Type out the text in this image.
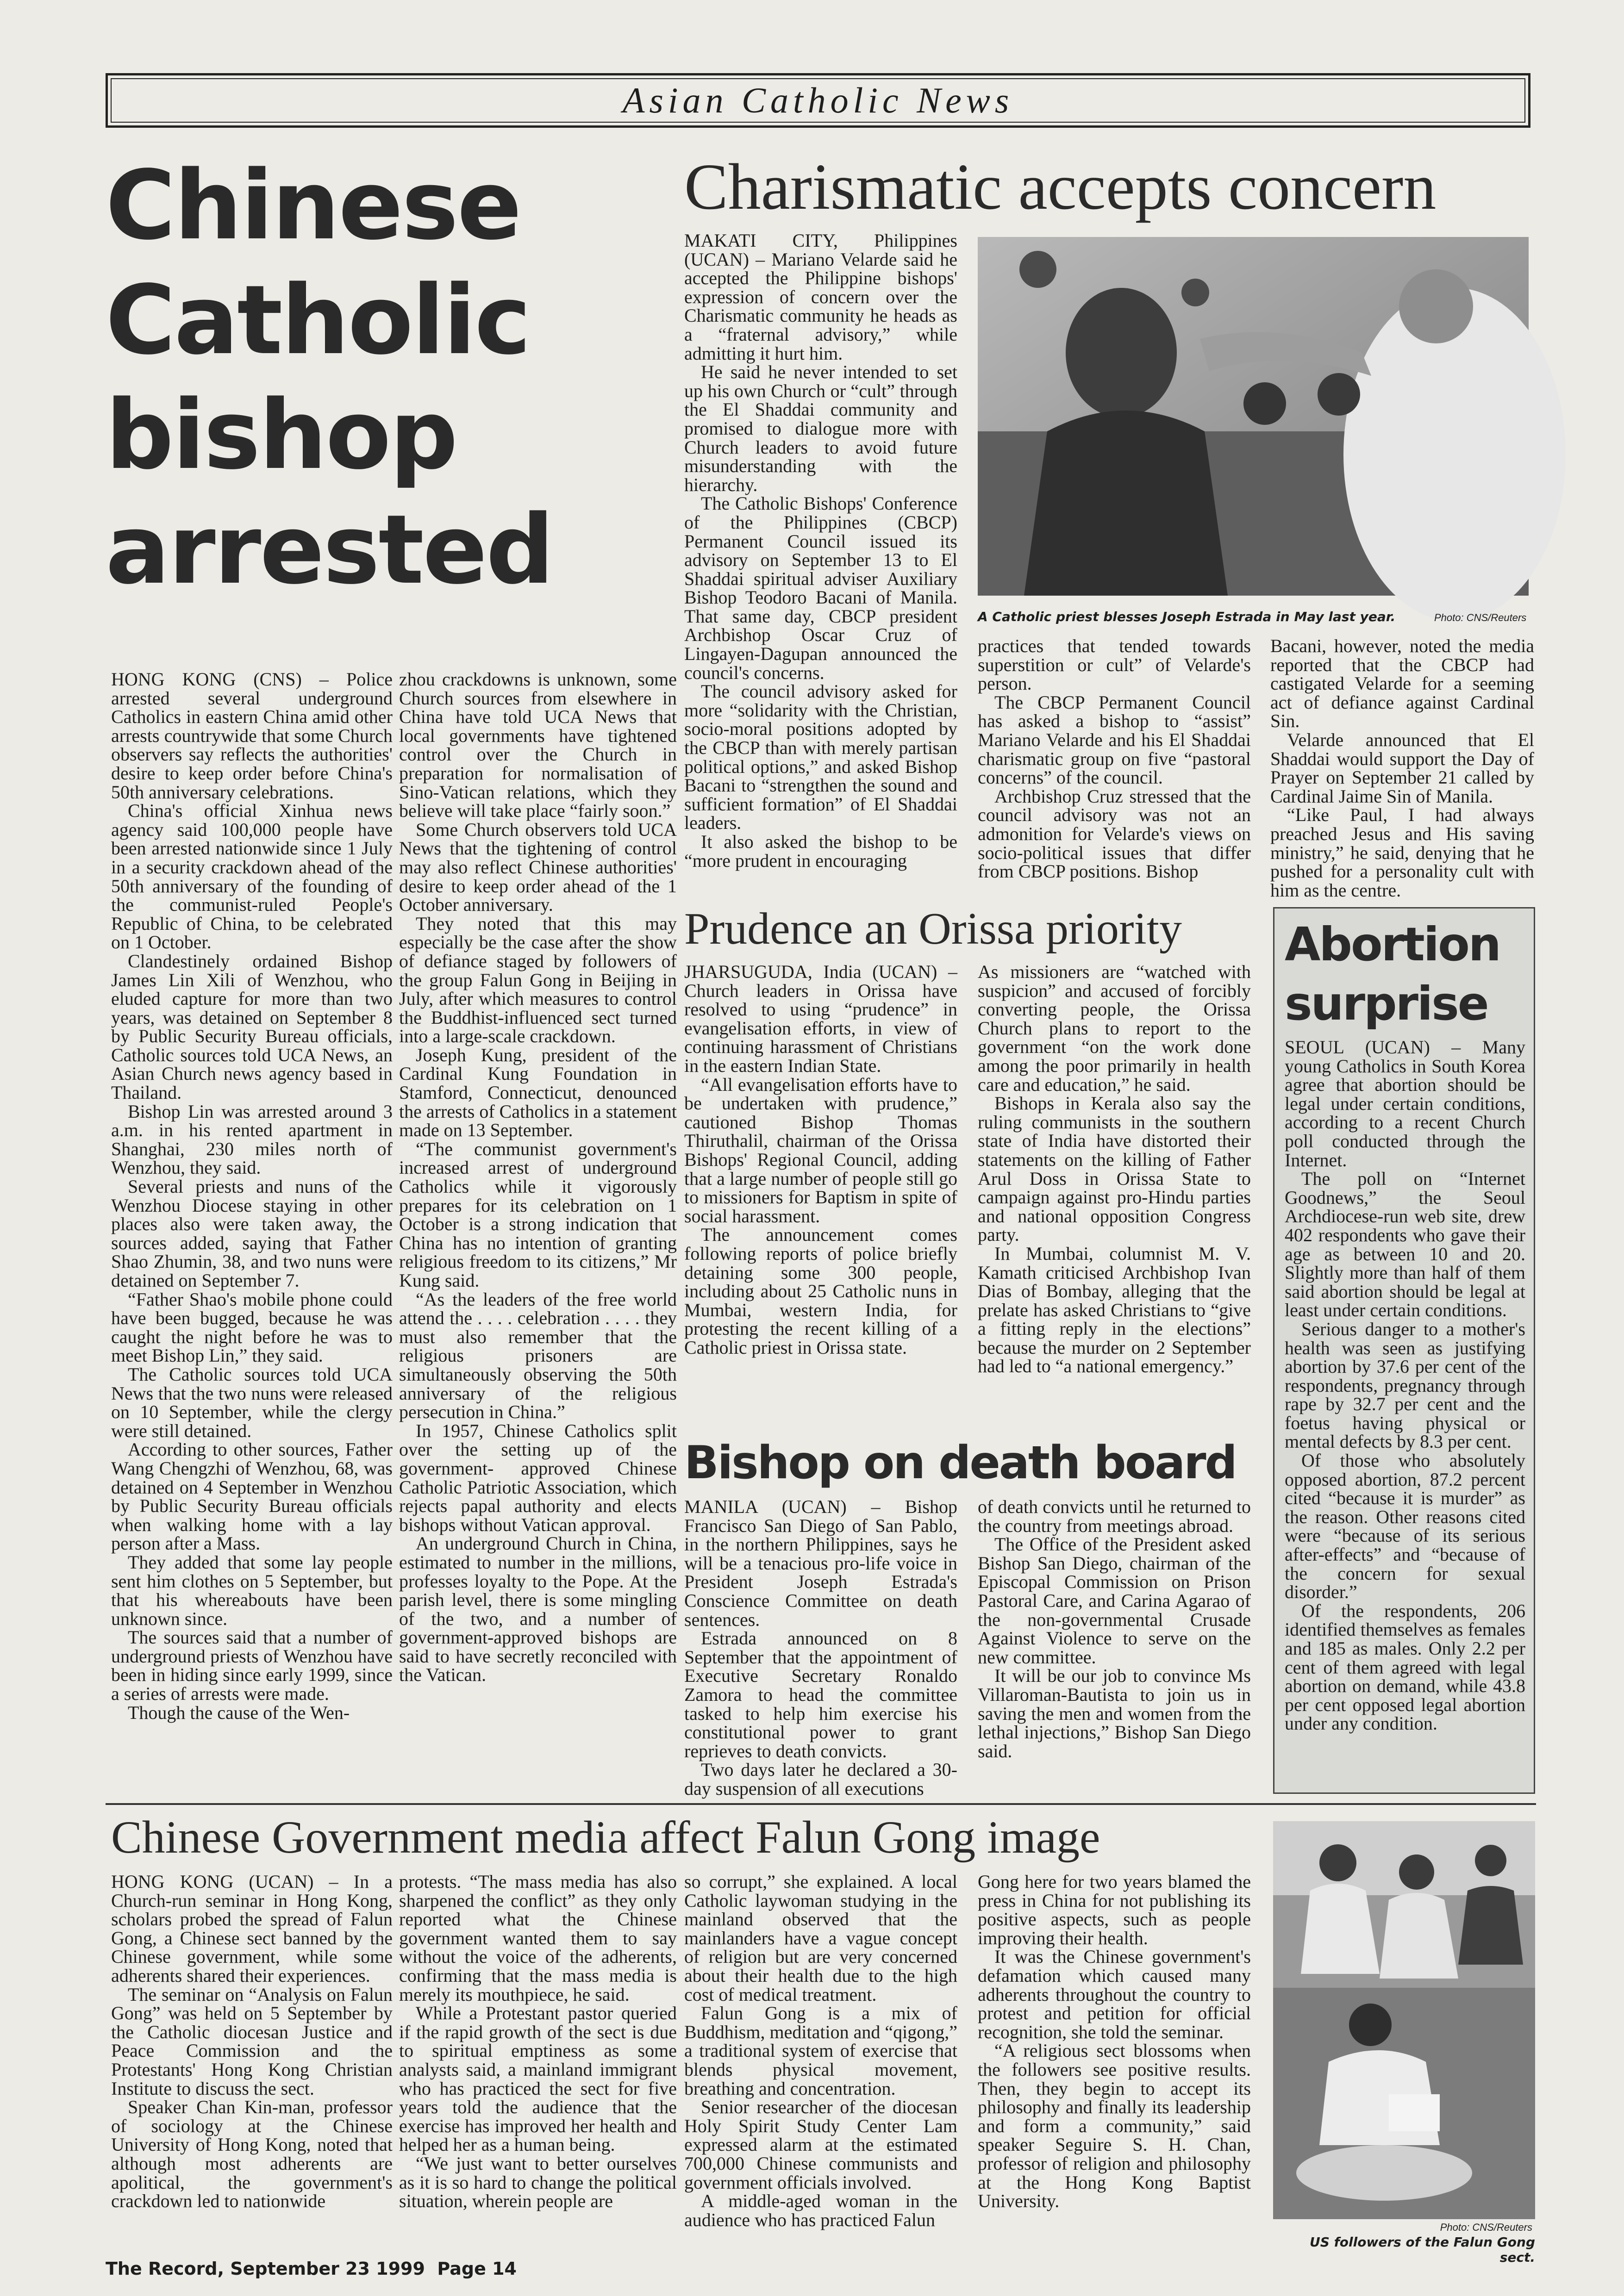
Asian Catholic News
Chinese
Catholic
bishop
arrested

HONG KONG (CNS) – Police arrested several underground Catholics in eastern China amid other arrests countrywide that some Church observers say reflects the authorities' desire to keep order before China's 50th anniversary celebrations.

China's official Xinhua news agency said 100,000 people have been arrested nationwide since 1 July in a security crackdown ahead of the 50th anniversary of the founding of the communist-ruled People's Republic of China, to be celebrated on 1 October.

Clandestinely ordained Bishop James Lin Xili of Wenzhou, who eluded capture for more than two years, was detained on September 8 by Public Security Bureau officials, Catholic sources told UCA News, an Asian Church news agency based in Thailand.

Bishop Lin was arrested around 3 a.m. in his rented apartment in Shanghai, 230 miles north of Wenzhou, they said.

Several priests and nuns of the Wenzhou Diocese staying in other places also were taken away, the sources added, saying that Father Shao Zhumin, 38, and two nuns were detained on September 7.

“Father Shao's mobile phone could have been bugged, because he was caught the night before he was to meet Bishop Lin,” they said.

The Catholic sources told UCA News that the two nuns were released on 10 September, while the clergy were still detained.

According to other sources, Father Wang Chengzhi of Wenzhou, 68, was detained on 4 September in Wenzhou by Public Security Bureau officials when walking home with a lay person after a Mass.

They added that some lay people sent him clothes on 5 September, but that his whereabouts have been unknown since.

The sources said that a number of underground priests of Wenzhou have been in hiding since early 1999, since a series of arrests were made.

Though the cause of the Wen-

zhou crackdowns is unknown, some Church sources from elsewhere in China have told UCA News that local governments have tightened control over the Church in preparation for normalisation of Sino-Vatican relations, which they believe will take place “fairly soon.”

Some Church observers told UCA News that the tightening of control may also reflect Chinese authorities' desire to keep order ahead of the 1 October anniversary.

They noted that this may especially be the case after the show of defiance staged by followers of the group Falun Gong in Beijing in July, after which measures to control the Buddhist-influenced sect turned into a large-scale crackdown.

Joseph Kung, president of the Cardinal Kung Foundation in Stamford, Connecticut, denounced the arrests of Catholics in a statement made on 13 September.

“The communist government's increased arrest of underground Catholics while it vigorously prepares for its celebration on 1 October is a strong indication that China has no intention of granting religious freedom to its citizens,” Mr Kung said.

“As the leaders of the free world attend the . . . . celebration . . . . they must also remember that the religious prisoners are simultaneously observing the 50th anniversary of the religious persecution in China.”

In 1957, Chinese Catholics split over the setting up of the government- approved Chinese Catholic Patriotic Association, which rejects papal authority and elects bishops without Vatican approval.

An underground Church in China, estimated to number in the millions, professes loyalty to the Pope. At the parish level, there is some mingling of the two, and a number of government-approved bishops are said to have secretly reconciled with the Vatican.

Charismatic accepts concern

MAKATI CITY, Philippines (UCAN) – Mariano Velarde said he accepted the Philippine bishops' expression of concern over the Charismatic community he heads as a “fraternal advisory,” while admitting it hurt him.

He said he never intended to set up his own Church or “cult” through the El Shaddai community and promised to dialogue more with Church leaders to avoid future misunderstanding with the hierarchy.

The Catholic Bishops' Conference of the Philippines (CBCP) Permanent Council issued its advisory on September 13 to El Shaddai spiritual adviser Auxiliary Bishop Teodoro Bacani of Manila. That same day, CBCP president Archbishop Oscar Cruz of Lingayen-Dagupan announced the council's concerns.

The council advisory asked for more “solidarity with the Christian, socio-moral positions adopted by the CBCP than with merely partisan political options,” and asked Bishop Bacani to “strengthen the sound and sufficient formation” of El Shaddai leaders.

It also asked the bishop to be “more prudent in encouraging

A Catholic priest blesses Joseph Estrada in May last year.	Photo: CNS/Reuters

practices that tended towards superstition or cult” of Velarde's person.

The CBCP Permanent Council has asked a bishop to “assist” Mariano Velarde and his El Shaddai charismatic group on five “pastoral concerns” of the council.

Archbishop Cruz stressed that the council advisory was not an admonition for Velarde's views on socio-political issues that differ from CBCP positions. Bishop

Bacani, however, noted the media reported that the CBCP had castigated Velarde for a seeming act of defiance against Cardinal Sin.

Velarde announced that El Shaddai would support the Day of Prayer on September 21 called by Cardinal Jaime Sin of Manila.

“Like Paul, I had always preached Jesus and His saving ministry,” he said, denying that he pushed for a personality cult with him as the centre.

Prudence an Orissa priority

JHARSUGUDA, India (UCAN) – Church leaders in Orissa have resolved to using “prudence” in evangelisation efforts, in view of continuing harassment of Christians in the eastern Indian State.

“All evangelisation efforts have to be undertaken with prudence,” cautioned Bishop Thomas Thiruthalil, chairman of the Orissa Bishops' Regional Council, adding that a large number of people still go to missioners for Baptism in spite of social harassment.

The announcement comes following reports of police briefly detaining some 300 people, including about 25 Catholic nuns in Mumbai, western India, for protesting the recent killing of a Catholic priest in Orissa state.

As missioners are “watched with suspicion” and accused of forcibly converting people, the Orissa Church plans to report to the government “on the work done among the poor primarily in health care and education,” he said.

Bishops in Kerala also say the ruling communists in the southern state of India have distorted their statements on the killing of Father Arul Doss in Orissa State to campaign against pro-Hindu parties and national opposition Congress party.

In Mumbai, columnist M. V. Kamath criticised Archbishop Ivan Dias of Bombay, alleging that the prelate has asked Christians to “give a fitting reply in the elections” because the murder on 2 September had led to “a national emergency.”

Bishop on death board

MANILA (UCAN) – Bishop Francisco San Diego of San Pablo, in the northern Philippines, says he will be a tenacious pro-life voice in President Joseph Estrada's Conscience Committee on death sentences.

Estrada announced on 8 September that the appointment of Executive Secretary Ronaldo Zamora to head the committee tasked to help him exercise his constitutional power to grant reprieves to death convicts.

Two days later he declared a 30-day suspension of all executions

of death convicts until he returned to the country from meetings abroad.

The Office of the President asked Bishop San Diego, chairman of the Episcopal Commission on Prison Pastoral Care, and Carina Agarao of the non-governmental Crusade Against Violence to serve on the new committee.

It will be our job to convince Ms Villaroman-Bautista to join us in saving the men and women from the lethal injections,” Bishop San Diego said.

Abortion
surprise

SEOUL (UCAN) – Many young Catholics in South Korea agree that abortion should be legal under certain conditions, according to a recent Church poll conducted through the Internet.

The poll on “Internet Goodnews,” the Seoul Archdiocese-run web site, drew 402 respondents who gave their age as between 10 and 20. Slightly more than half of them said abortion should be legal at least under certain conditions.

Serious danger to a mother's health was seen as justifying abortion by 37.6 per cent of the respondents, pregnancy through rape by 32.7 per cent and the foetus having physical or mental defects by 8.3 per cent.

Of those who absolutely opposed abortion, 87.2 percent cited “because it is murder” as the reason. Other reasons cited were “because of its serious after-effects” and “because of the concern for sexual disorder.”

Of the respondents, 206 identified themselves as females and 185 as males. Only 2.2 per cent of them agreed with legal abortion on demand, while 43.8 per cent opposed legal abortion under any condition.

Chinese Government media affect Falun Gong image

HONG KONG (UCAN) – In a Church-run seminar in Hong Kong, scholars probed the spread of Falun Gong, a Chinese sect banned by the Chinese government, while some adherents shared their experiences.

The seminar on “Analysis on Falun Gong” was held on 5 September by the Catholic diocesan Justice and Peace Commission and the Protestants' Hong Kong Christian Institute to discuss the sect.

Speaker Chan Kin-man, professor of sociology at the Chinese University of Hong Kong, noted that although most adherents are apolitical, the government's crackdown led to nationwide

protests. “The mass media has also sharpened the conflict” as they only reported what the Chinese government wanted them to say without the voice of the adherents, confirming that the mass media is merely its mouthpiece, he said.

While a Protestant pastor queried if the rapid growth of the sect is due to spiritual emptiness as some analysts said, a mainland immigrant who has practiced the sect for five years told the audience that the exercise has improved her health and helped her as a human being.

“We just want to better ourselves as it is so hard to change the political situation, wherein people are

so corrupt,” she explained. A local Catholic laywoman studying in the mainland observed that the mainlanders have a vague concept of religion but are very concerned about their health due to the high cost of medical treatment.

Falun Gong is a mix of Buddhism, meditation and “qigong,” a traditional system of exercise that blends physical movement, breathing and concentration.

Senior researcher of the diocesan Holy Spirit Study Center Lam expressed alarm at the estimated 700,000 Chinese communists and government officials involved.

A middle-aged woman in the audience who has practiced Falun

Gong here for two years blamed the press in China for not publishing its positive aspects, such as people improving their health.

It was the Chinese government's defamation which caused many adherents throughout the country to protest and petition for official recognition, she told the seminar.

“A religious sect blossoms when the followers see positive results. Then, they begin to accept its philosophy and finally its leadership and form a community,” said speaker Seguire S. H. Chan, professor of religion and philosophy at the Hong Kong Baptist University.

Photo: CNS/Reuters
US followers of the Falun Gong sect.
The Record, September 23 1999  Page 14
